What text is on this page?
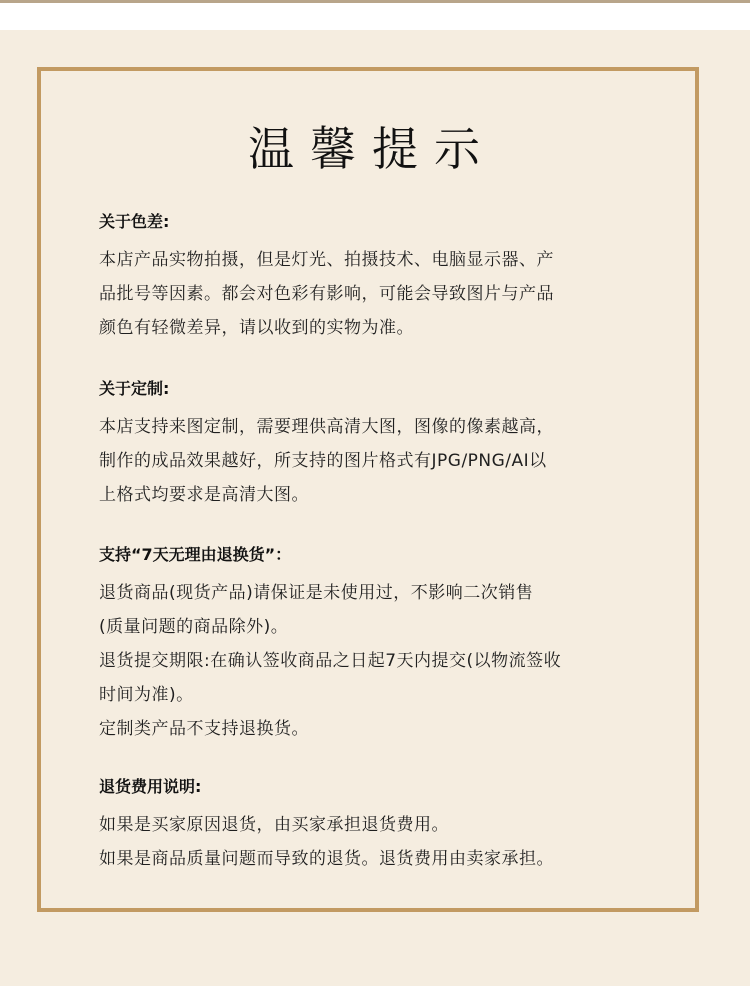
温馨提示

关于色差:

本店产品实物拍摄，但是灯光、拍摄技术、电脑显示器、产

品批号等因素。都会对色彩有影响，可能会导致图片与产品

颜色有轻微差异，请以收到的实物为准。

关于定制:

本店支持来图定制，需要理供高清大图，图像的像素越高，

制作的成品效果越好，所支持的图片格式有JPG/PNG/AI以

上格式均要求是高清大图。

支持“7天无理由退换货”：

退货商品(现货产品)请保证是未使用过，不影响二次销售

(质量问题的商品除外)。

退货提交期限:在确认签收商品之日起7天内提交(以物流签收

时间为准)。

定制类产品不支持退换货。

退货费用说明:

如果是买家原因退货，由买家承担退货费用。

如果是商品质量问题而导致的退货。退货费用由卖家承担。
